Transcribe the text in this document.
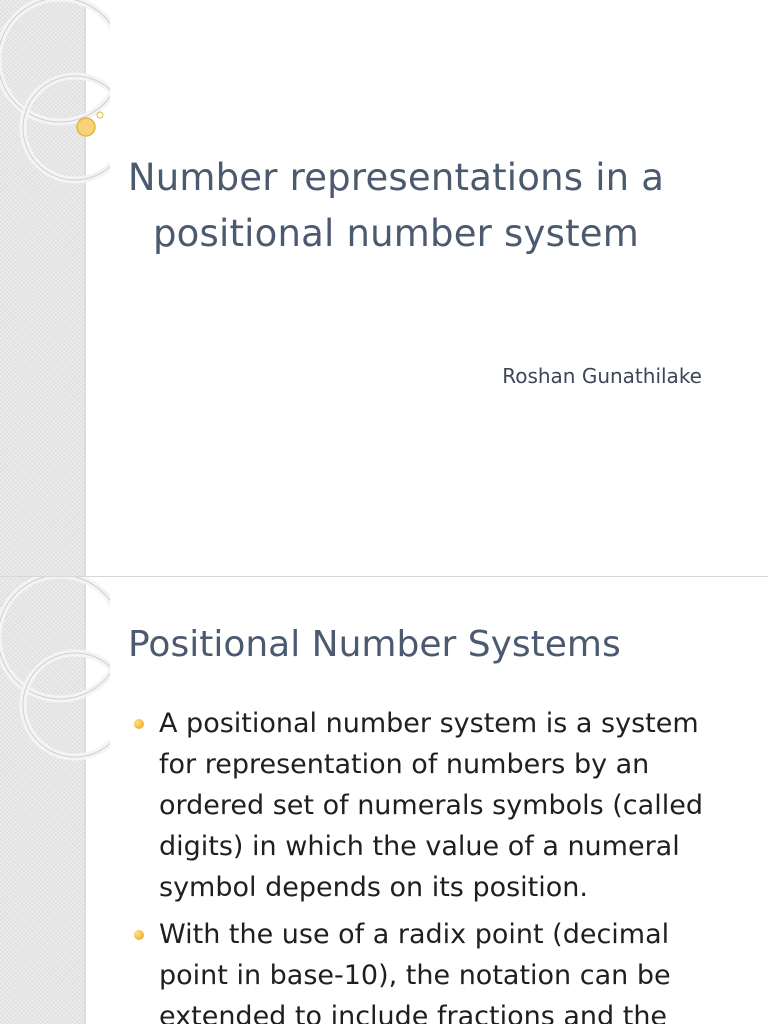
Number representations in a
positional number system
Roshan Gunathilake
Positional Number Systems
A positional number system is a system
for representation of numbers by an
ordered set of numerals symbols (called
digits) in which the value of a numeral
symbol depends on its position.
With the use of a radix point (decimal
point in base-10), the notation can be
extended to include fractions and the
